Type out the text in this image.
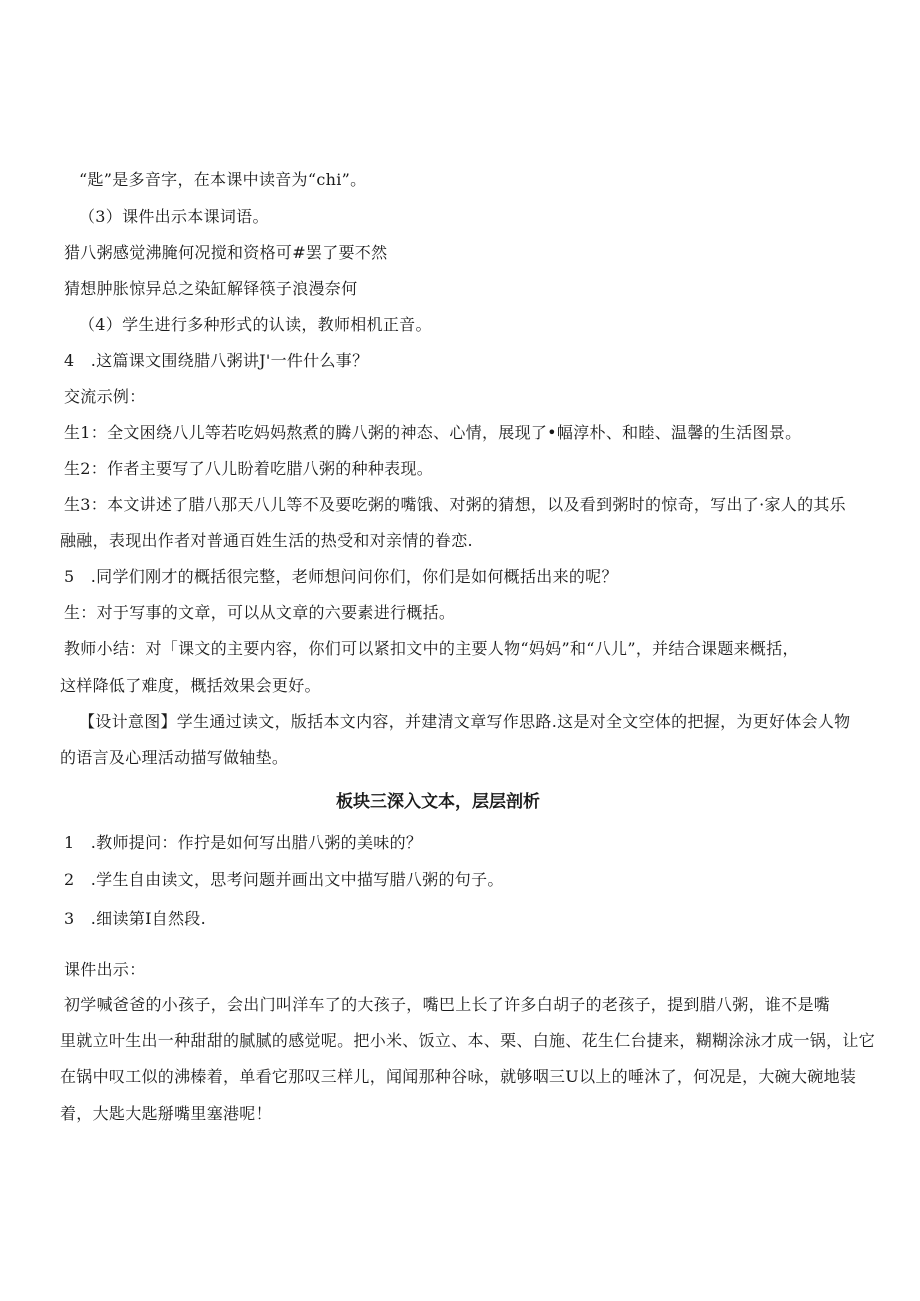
“匙”是多音字，在本课中读音为“chi”。
（3）课件出示本课词语。
猎八粥感觉沸腌何况搅和资格可#罢了要不然
猜想肿胀惊异总之染缸解铎筷子浪漫奈何
（4）学生进行多种形式的认读，教师相机正音。
4　.这篇课文围绕腊八粥讲J'一件什么事？
交流示例：
生1：全文困绕八儿等若吃妈妈熬煮的腾八粥的神态、心情，展现了•幅淳朴、和睦、温馨的生活图景。
生2：作者主要写了八儿盼着吃腊八粥的种种表现。
生3：本文讲述了腊八那天八儿等不及要吃粥的嘴饿、对粥的猜想，以及看到粥时的惊奇，写出了·家人的其乐
融融，表现出作者对普通百姓生活的热受和对亲情的眷恋.
5　.同学们刚才的概括很完整，老师想问问你们，你们是如何概括出来的呢？
生：对于写事的文章，可以从文章的六要素进行概括。
教师小结：对「课文的主要内容，你们可以紧扣文中的主要人物“妈妈”和“八儿”，并结合课题来概括，
这样降低了难度，概括效果会更好。
【设计意图】学生通过读文，版括本文内容，并建清文章写作思路.这是对全文空体的把握，为更好体会人物
的语言及心理活动描写做轴垫。
板块三深入文本，层层剖析
1　.教师提问：作拧是如何写出腊八粥的美味的？
2　.学生自由读文，思考问题并画出文中描写腊八粥的句子。
3　.细读第I自然段.
课件出示：
初学喊爸爸的小孩子，会出门叫洋车了的大孩子，嘴巴上长了许多白胡子的老孩子，提到腊八粥，谁不是嘴
里就立叶生出一种甜甜的腻腻的感觉呢。把小米、饭立、本、栗、白施、花生仁台捷来，糊糊涂泳才成一锅，让它
在锅中叹工似的沸榛着，单看它那叹三样儿，闻闻那种谷咏，就够咽三U以上的唾沐了，何况是，大碗大碗地装
着，大匙大匙掰嘴里塞港呢！
